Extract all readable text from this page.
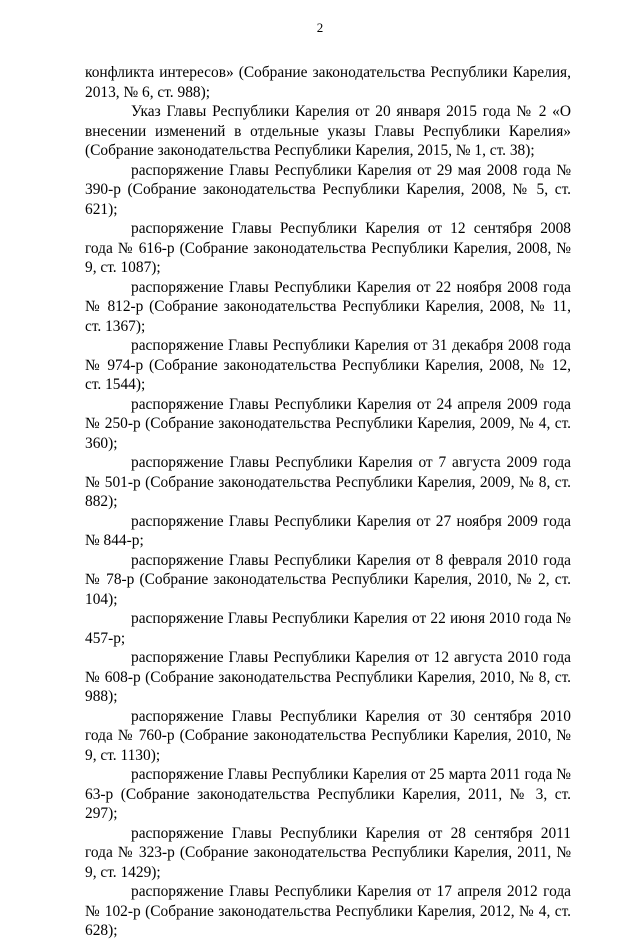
2

конфликта интересов» (Собрание законодательства Республики Карелия, 2013, № 6, ст. 988);

Указ Главы Республики Карелия от 20 января 2015 года № 2 «О внесении изменений в отдельные указы Главы Республики Карелия» (Собрание законодательства Республики Карелия, 2015, № 1, ст. 38);

распоряжение Главы Республики Карелия от 29 мая 2008 года № 390-р (Собрание законодательства Республики Карелия, 2008, № 5, ст. 621);

распоряжение Главы Республики Карелия от 12 сентября 2008 года № 616-р (Собрание законодательства Республики Карелия, 2008, № 9, ст. 1087);

распоряжение Главы Республики Карелия от 22 ноября 2008 года № 812-р (Собрание законодательства Республики Карелия, 2008, № 11, ст. 1367);

распоряжение Главы Республики Карелия от 31 декабря 2008 года № 974-р (Собрание законодательства Республики Карелия, 2008, № 12, ст. 1544);

распоряжение Главы Республики Карелия от 24 апреля 2009 года № 250-р (Собрание законодательства Республики Карелия, 2009, № 4, ст. 360);

распоряжение Главы Республики Карелия от 7 августа 2009 года № 501-р (Собрание законодательства Республики Карелия, 2009, № 8, ст. 882);

распоряжение Главы Республики Карелия от 27 ноября 2009 года № 844-р;

распоряжение Главы Республики Карелия от 8 февраля 2010 года № 78-р (Собрание законодательства Республики Карелия, 2010, № 2, ст. 104);

распоряжение Главы Республики Карелия от 22 июня 2010 года № 457-р;

распоряжение Главы Республики Карелия от 12 августа 2010 года № 608-р (Собрание законодательства Республики Карелия, 2010, № 8, ст. 988);

распоряжение Главы Республики Карелия от 30 сентября 2010 года № 760-р (Собрание законодательства Республики Карелия, 2010, № 9, ст. 1130);

распоряжение Главы Республики Карелия от 25 марта 2011 года № 63-р (Собрание законодательства Республики Карелия, 2011, № 3, ст. 297);

распоряжение Главы Республики Карелия от 28 сентября 2011 года № 323-р (Собрание законодательства Республики Карелия, 2011, № 9, ст. 1429);

распоряжение Главы Республики Карелия от 17 апреля 2012 года № 102-р (Собрание законодательства Республики Карелия, 2012, № 4, ст. 628);
